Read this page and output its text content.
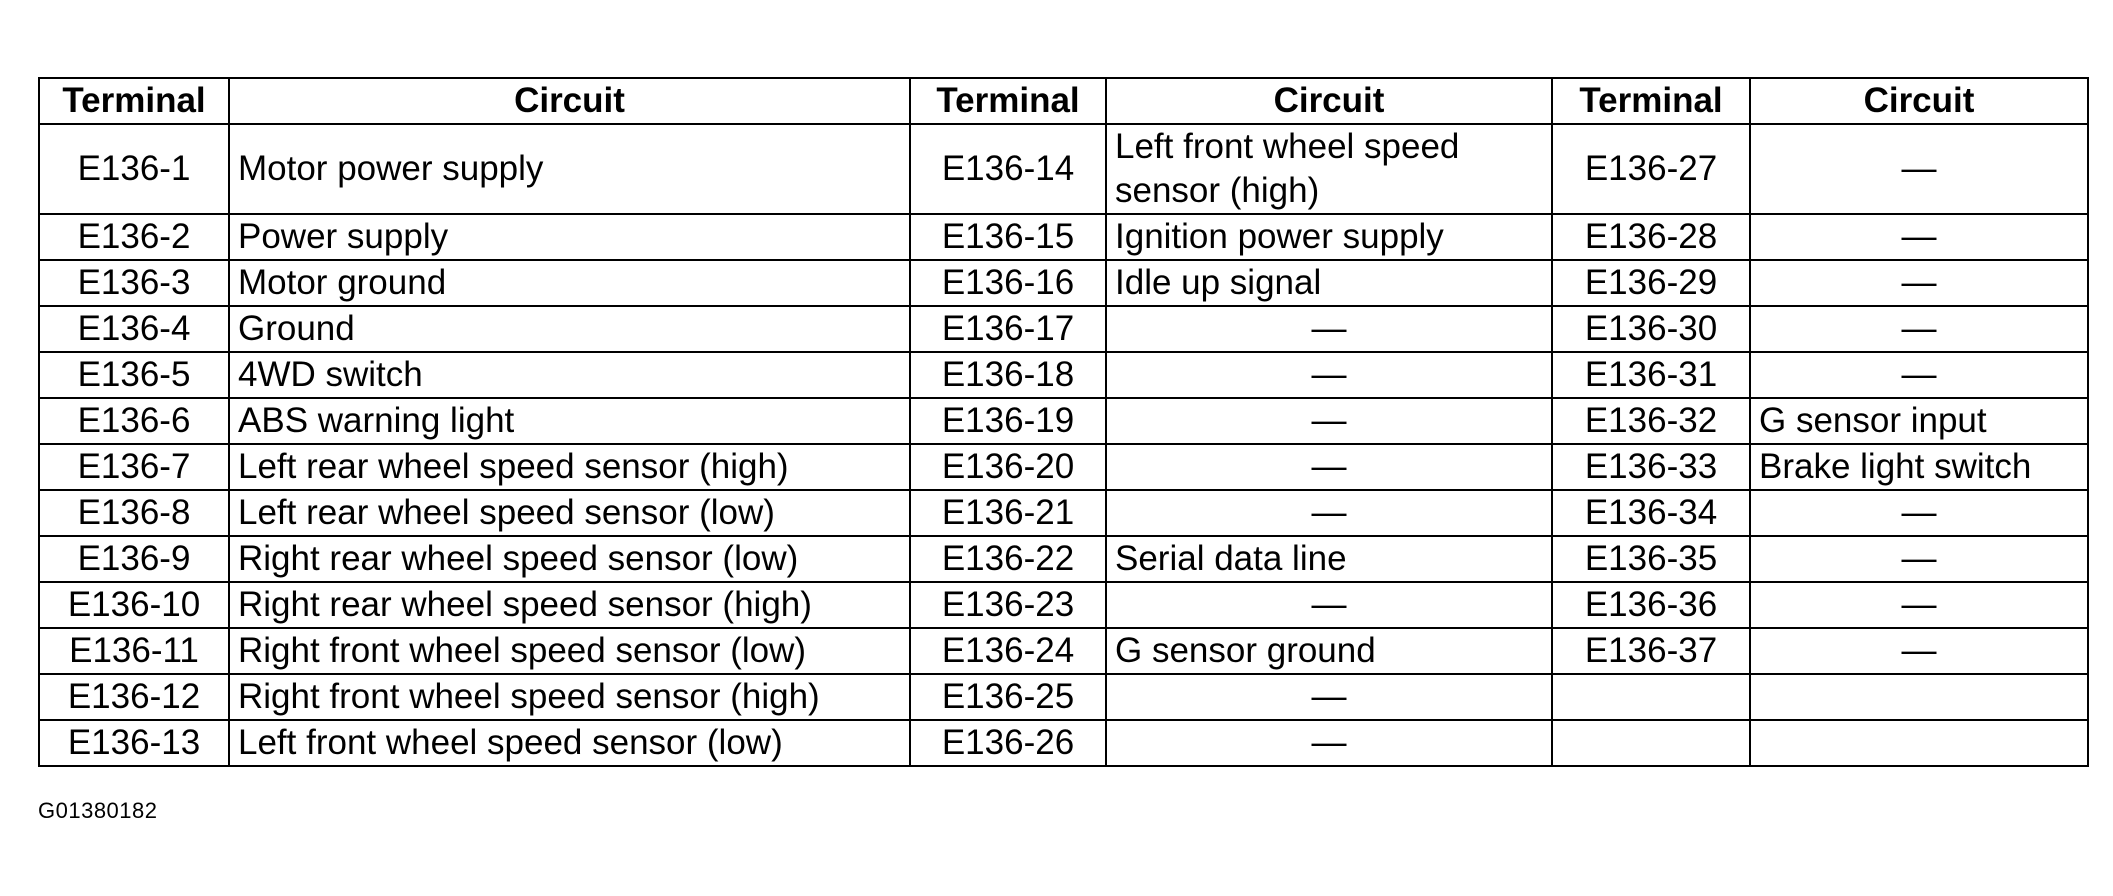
Terminal	Circuit	Terminal	Circuit	Terminal	Circuit
E136-1	Motor power supply	E136-14	Left front wheel speed sensor (high)	E136-27	—
E136-2	Power supply	E136-15	Ignition power supply	E136-28	—
E136-3	Motor ground	E136-16	Idle up signal	E136-29	—
E136-4	Ground	E136-17	—	E136-30	—
E136-5	4WD switch	E136-18	—	E136-31	—
E136-6	ABS warning light	E136-19	—	E136-32	G sensor input
E136-7	Left rear wheel speed sensor (high)	E136-20	—	E136-33	Brake light switch
E136-8	Left rear wheel speed sensor (low)	E136-21	—	E136-34	—
E136-9	Right rear wheel speed sensor (low)	E136-22	Serial data line	E136-35	—
E136-10	Right rear wheel speed sensor (high)	E136-23	—	E136-36	—
E136-11	Right front wheel speed sensor (low)	E136-24	G sensor ground	E136-37	—
E136-12	Right front wheel speed sensor (high)	E136-25	—		
E136-13	Left front wheel speed sensor (low)	E136-26	—		
G01380182
